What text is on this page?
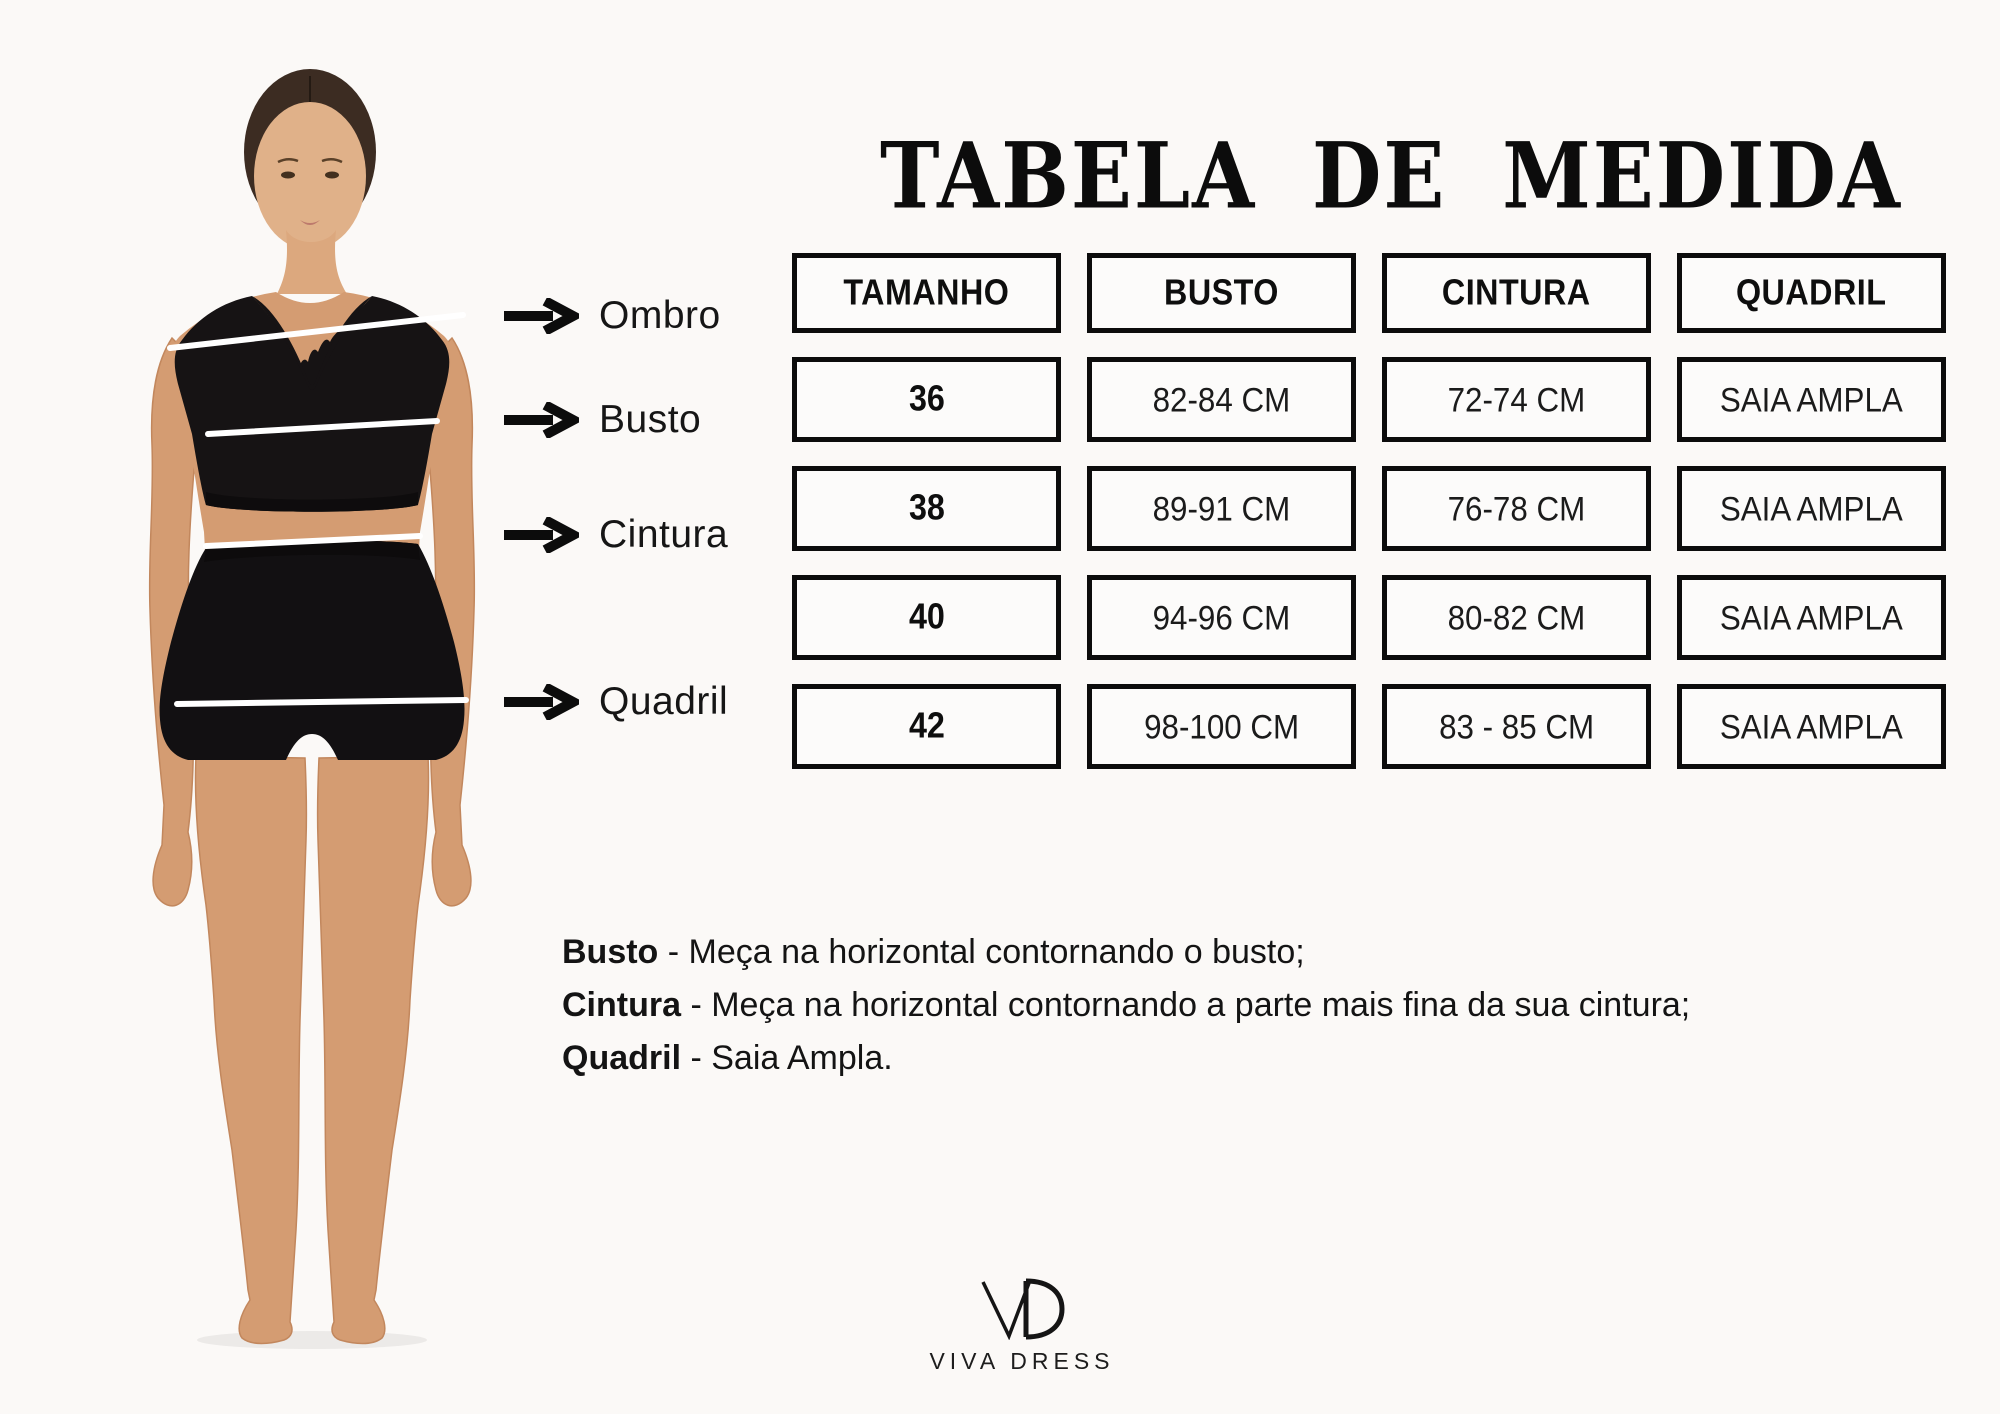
Ombro
Busto
Cintura
Quadril
TABELA DE MEDIDA
TAMANHO	BUSTO	CINTURA	QUADRIL
36	82-84 CM	72-74 CM	SAIA AMPLA
38	89-91 CM	76-78 CM	SAIA AMPLA
40	94-96 CM	80-82 CM	SAIA AMPLA
42	98-100 CM	83 - 85 CM	SAIA AMPLA
Busto - Meça na horizontal contornando o busto;
Cintura - Meça na horizontal contornando a parte mais fina da sua cintura;
Quadril - Saia Ampla.
VIVA DRESS
